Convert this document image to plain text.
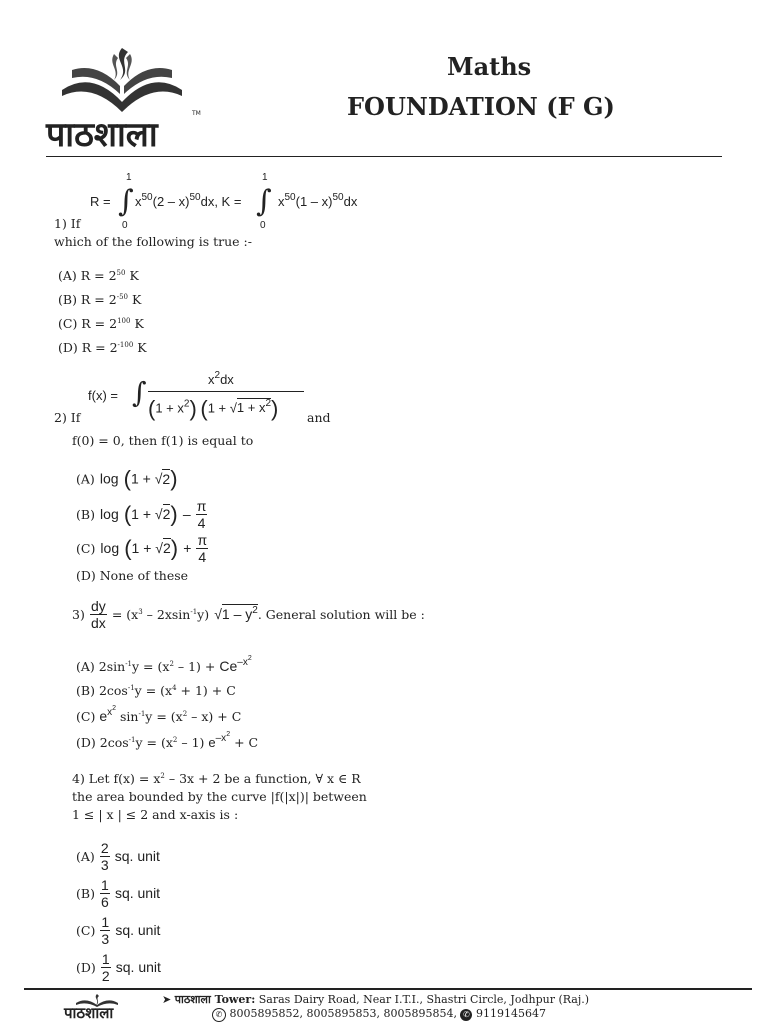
पाठशाला
TM
Maths
FOUNDATION (F G)
R = ∫
1
0
$x^{50}(2 - x)^{50}dx$, K = ∫
1
0
$x^{50}(1 - x)^{50}dx$
1) If
which of the following is true :-
(A) $R = 2^{50}$ K
(B) $R = 2^{-50}$ K
(C) $R = 2^{100}$ K
(D) $R = 2^{-100}$ K
f(x) = ∫	$x^2dx$
$(1 + x^2)$ $(1 + √1 + x^2)$
2) If	and
f(0) = 0, then f(1) is equal to
(A) log (1 + √2)
(B) $\log (1 + √2) - \frac{\pi}{4}$
(C) $\log (1 + √2) + \frac{\pi}{4}$
(D) None of these
$3) \frac{dy}{dx} = (x^3 - 2xsin^{-1}y)$ $√1 - y^2$. General solution will be :
(A) $2\sin^{-1}y = (x^2 - 1) + Ce^{-x^2}$
(B) $2\cos^{-1}y = (x^4 + 1) + C$
(C) $e^{x^2}$ $\sin^{-1}y = (x^2 - x) + C$
(D) $2\cos^{-1}y = (x^2 - 1) e^{-x^2} + C$
4) Let $f(x) = x^2 - 3x + 2$ be a function, ∀ x ∈ R
the area bounded by the curve |f(|x|)| between
1 ≤ | x | ≤ 2 and x-axis is :
$(A) \frac{2}{3}$ sq. unit
$(B) \frac{1}{6}$ sq. unit
$(C) \frac{1}{3}$ sq. unit
$(D) \frac{1}{2}$ sq. unit
पाठशाला
➤ पाठशाला Tower: Saras Dairy Road, Near I.T.I., Shastri Circle, Jodhpur (Raj.)
✆ 8005895852, 8005895853, 8005895854, ✆ 9119145647
